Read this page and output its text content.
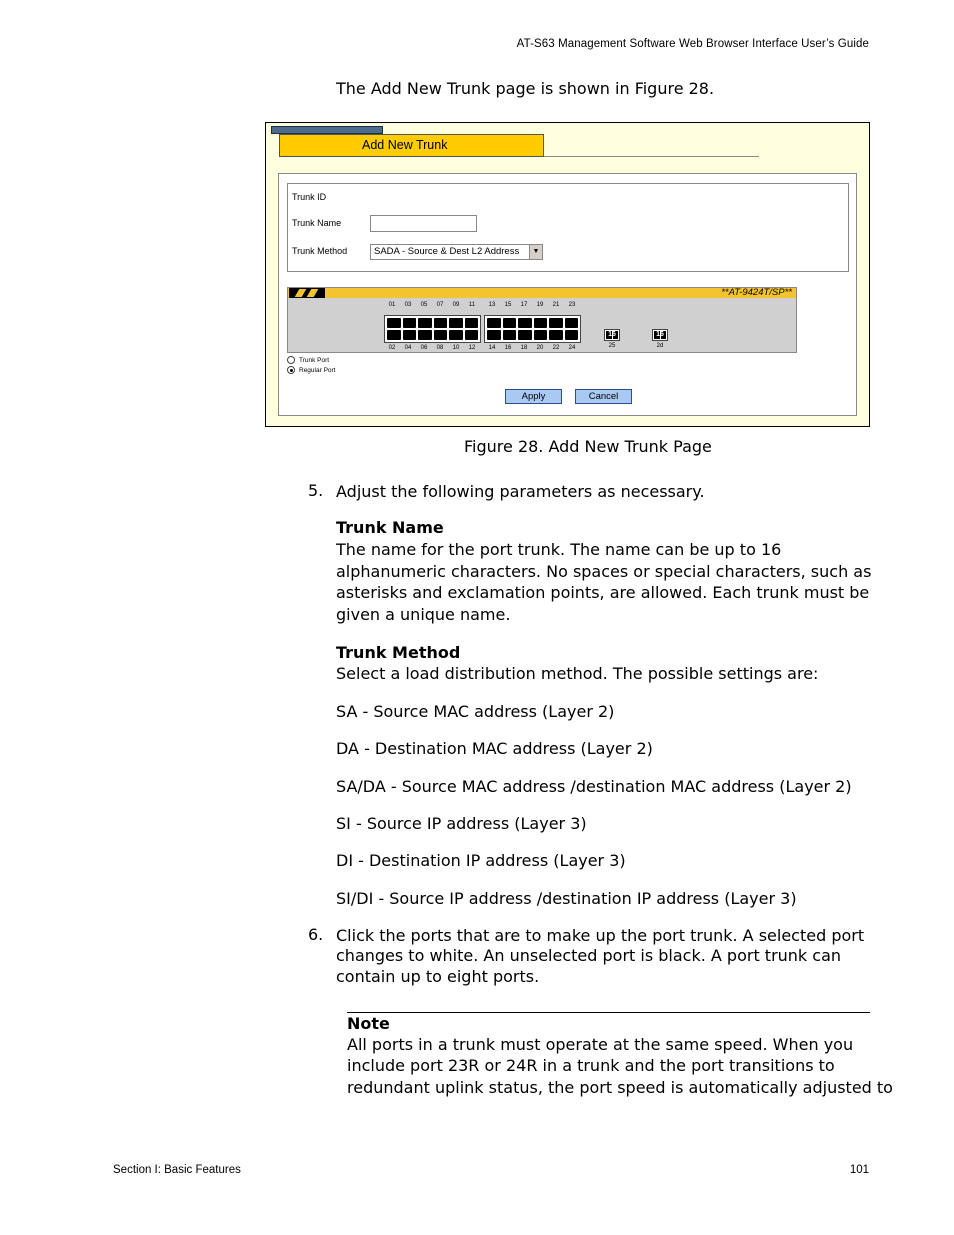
AT-S63 Management Software Web Browser Interface User’s Guide
The Add New Trunk page is shown in Figure 28.
Add New Trunk
Trunk ID
Trunk Name
Trunk Method	SADA - Source & Dest L2 Address	▼
**AT-9424T/SP**
01	03	05	07	09	11	13	15	17	19	21	23
16	16
02	04	06	08	10	12	14	16	18	20	22	24	25	2d
Trunk Port
Regular Port
Apply	Cancel
Figure 28. Add New Trunk Page
5. Adjust the following parameters as necessary.
Trunk Name
The name for the port trunk. The name can be up to 16
alphanumeric characters. No spaces or special characters, such as
asterisks and exclamation points, are allowed. Each trunk must be
given a unique name.
Trunk Method
Select a load distribution method. The possible settings are:
SA - Source MAC address (Layer 2)
DA - Destination MAC address (Layer 2)
SA/DA - Source MAC address /destination MAC address (Layer 2)
SI - Source IP address (Layer 3)
DI - Destination IP address (Layer 3)
SI/DI - Source IP address /destination IP address (Layer 3)
6. Click the ports that are to make up the port trunk. A selected port
changes to white. An unselected port is black. A port trunk can
contain up to eight ports.
Note
All ports in a trunk must operate at the same speed. When you
include port 23R or 24R in a trunk and the port transitions to
redundant uplink status, the port speed is automatically adjusted to
Section I: Basic Features	101
